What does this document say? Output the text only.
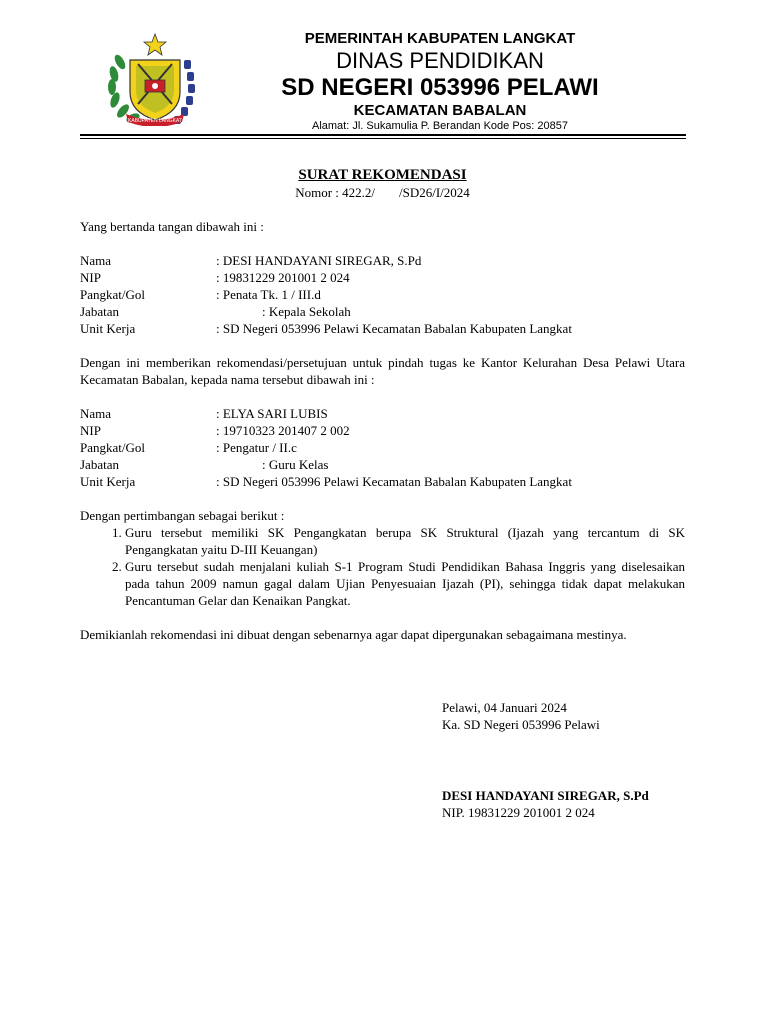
KABUPATEN LANGKAT
PEMERINTAH KABUPATEN LANGKAT
DINAS PENDIDIKAN
SD NEGERI 053996 PELAWI
KECAMATAN BABALAN
Alamat: Jl. Sukamulia P. Berandan Kode Pos: 20857
SURAT REKOMENDASI
Nomor : 422.2/ /SD26/I/2024

Yang bertanda tangan dibawah ini :

Nama	: DESI HANDAYANI SIREGAR, S.Pd
NIP	: 19831229 201001 2 024
Pangkat/Gol	: Penata Tk. 1 / III.d
Jabatan	: Kepala Sekolah
Unit Kerja	: SD Negeri 053996 Pelawi Kecamatan Babalan Kabupaten Langkat

Dengan ini memberikan rekomendasi/persetujuan untuk pindah tugas ke Kantor Kelurahan Desa Pelawi Utara Kecamatan Babalan, kepada nama tersebut dibawah ini :

Nama	: ELYA SARI LUBIS
NIP	: 19710323 201407 2 002
Pangkat/Gol	: Pengatur / II.c
Jabatan	: Guru Kelas
Unit Kerja	: SD Negeri 053996 Pelawi Kecamatan Babalan Kabupaten Langkat

Dengan pertimbangan sebagai berikut :

1. Guru tersebut memiliki SK Pengangkatan berupa SK Struktural (Ijazah yang tercantum di SK Pengangkatan yaitu D-III Keuangan)
2. Guru tersebut sudah menjalani kuliah S-1 Program Studi Pendidikan Bahasa Inggris yang diselesaikan pada tahun 2009 namun gagal dalam Ujian Penyesuaian Ijazah (PI), sehingga tidak dapat melakukan Pencantuman Gelar dan Kenaikan Pangkat.

Demikianlah rekomendasi ini dibuat dengan sebenarnya agar dapat dipergunakan sebagaimana mestinya.

Pelawi, 04 Januari 2024
Ka. SD Negeri 053996 Pelawi
DESI HANDAYANI SIREGAR, S.Pd
NIP. 19831229 201001 2 024
